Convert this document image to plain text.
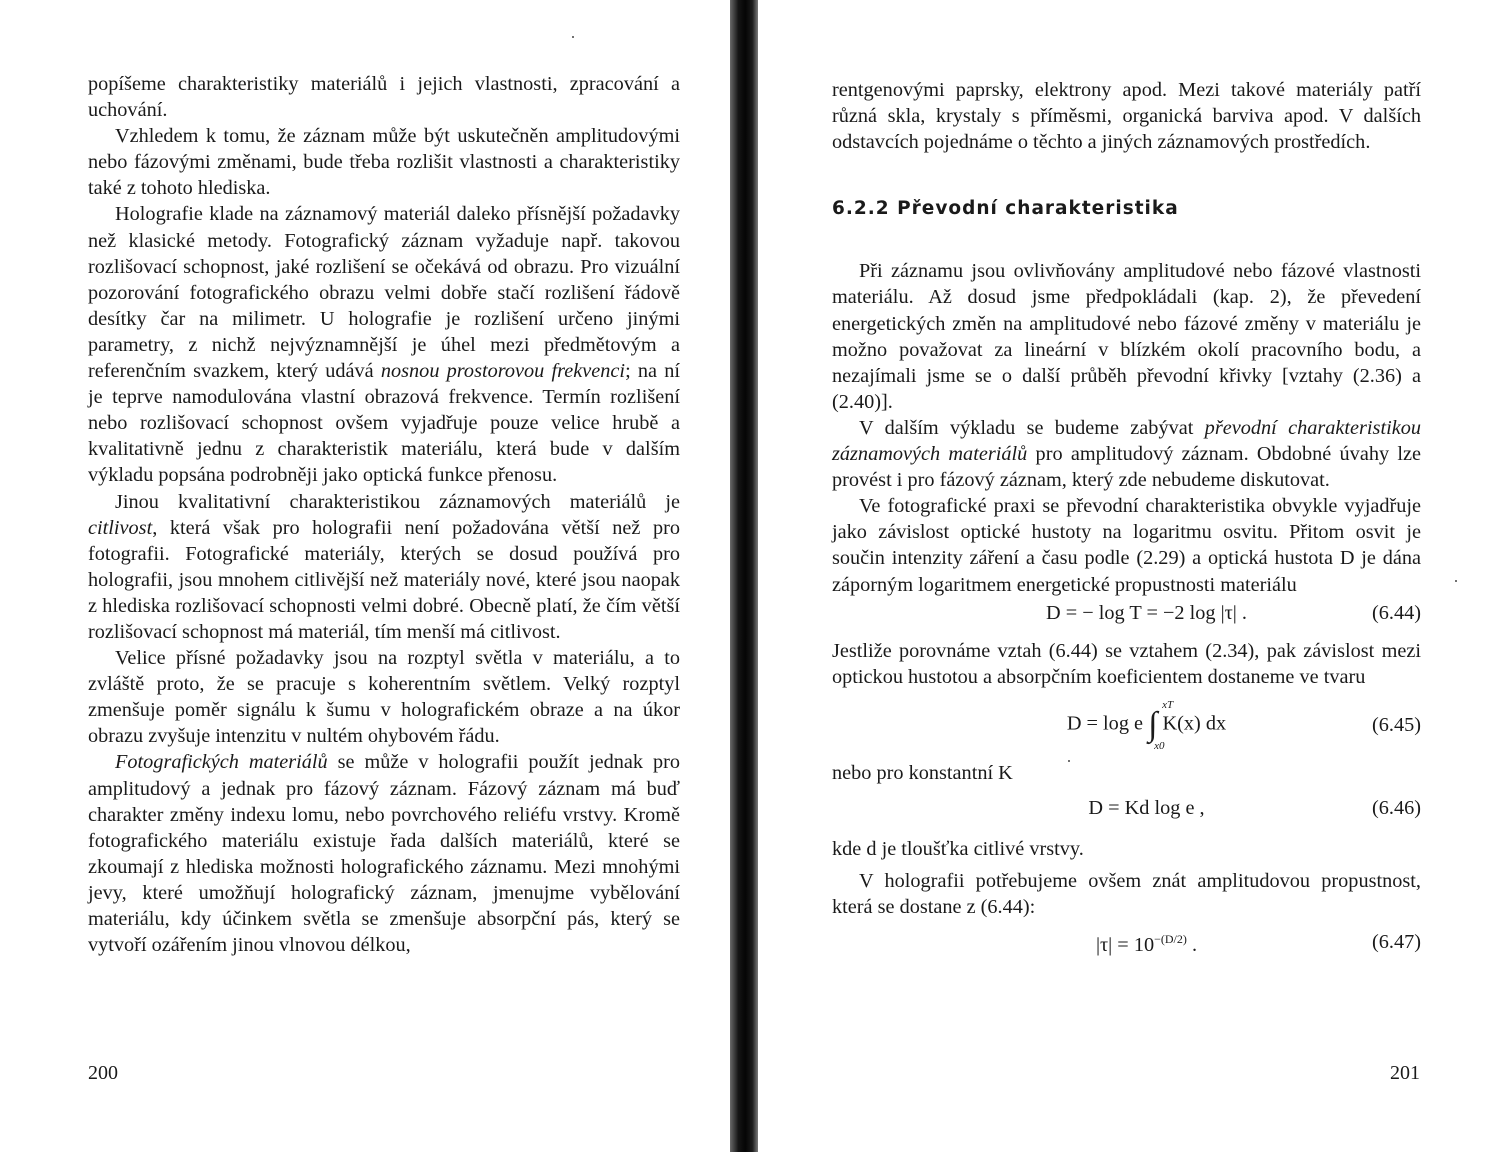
popíšeme charakteristiky materiálů i jejich vlastnosti, zpracování a uchování.

Vzhledem k tomu, že záznam může být uskutečněn amplitudovými nebo fázovými změnami, bude třeba rozlišit vlastnosti a charakteristiky také z tohoto hlediska.

Holografie klade na záznamový materiál daleko přísnější požadavky než klasické metody. Fotografický záznam vyžaduje např. takovou rozlišovací schopnost, jaké rozlišení se očekává od obrazu. Pro vizuální pozorování fotografického obrazu velmi dobře stačí rozlišení řádově desítky čar na milimetr. U holografie je rozlišení určeno jinými parametry, z nichž nejvýznamnější je úhel mezi předmětovým a referenčním svazkem, který udává nosnou prostorovou frekvenci; na ní je teprve namodulována vlastní obrazová frekvence. Termín rozlišení nebo rozlišovací schopnost ovšem vyjadřuje pouze velice hrubě a kvalitativně jednu z charakteristik materiálu, která bude v dalším výkladu popsána podrobněji jako optická funkce přenosu.

Jinou kvalitativní charakteristikou záznamových materiálů je citlivost, která však pro holografii není požadována větší než pro fotografii. Fotografické materiály, kterých se dosud používá pro holografii, jsou mnohem citlivější než materiály nové, které jsou naopak z hlediska rozlišovací schopnosti velmi dobré. Obecně platí, že čím větší rozlišovací schopnost má materiál, tím menší má citlivost.

Velice přísné požadavky jsou na rozptyl světla v materiálu, a to zvláště proto, že se pracuje s koherentním světlem. Velký rozptyl zmenšuje poměr signálu k šumu v holografickém obraze a na úkor obrazu zvyšuje intenzitu v nultém ohybovém řádu.

Fotografických materiálů se může v holografii použít jednak pro amplitudový a jednak pro fázový záznam. Fázový záznam má buď charakter změny indexu lomu, nebo povrchového reliéfu vrstvy. Kromě fotografického materiálu existuje řada dalších materiálů, které se zkoumají z hlediska možnosti holografického záznamu. Mezi mnohými jevy, které umožňují holografický záznam, jmenujme vybělování materiálu, kdy účinkem světla se zmenšuje absorpční pás, který se vytvoří ozářením jinou vlnovou délkou,

200

rentgenovými paprsky, elektrony apod. Mezi takové materiály patří různá skla, krystaly s příměsmi, organická barviva apod. V dalších odstavcích pojednáme o těchto a jiných záznamových prostředích.

6.2.2 Převodní charakteristika

Při záznamu jsou ovlivňovány amplitudové nebo fázové vlastnosti materiálu. Až dosud jsme předpokládali (kap. 2), že převedení energetických změn na amplitudové nebo fázové změny v materiálu je možno považovat za lineární v blízkém okolí pracovního bodu, a nezajímali jsme se o další průběh převodní křivky [vztahy (2.36) a (2.40)].

V dalším výkladu se budeme zabývat převodní charakteristikou záznamových materiálů pro amplitudový záznam. Obdobné úvahy lze provést i pro fázový záznam, který zde nebudeme diskutovat.

Ve fotografické praxi se převodní charakteristika obvykle vyjadřuje jako závislost optické hustoty na logaritmu osvitu. Přitom osvit je součin intenzity záření a času podle (2.29) a optická hustota D je dána záporným logaritmem energetické propustnosti materiálu

D = − log T = −2 log |τ| .	(6.44)

Jestliže porovnáme vztah (6.44) se vztahem (2.34), pak závislost mezi optickou hustotou a absorpčním koeficientem dostaneme ve tvaru

D = log e ∫
xT
x0
K(x) dx	(6.45)

nebo pro konstantní K

D = Kd log e ,	(6.46)

kde d je tloušťka citlivé vrstvy.

V holografii potřebujeme ovšem znát amplitudovou propustnost, která se dostane z (6.44):

$|\tau| = 10^{-(D/2)}$ .	(6.47)
201
